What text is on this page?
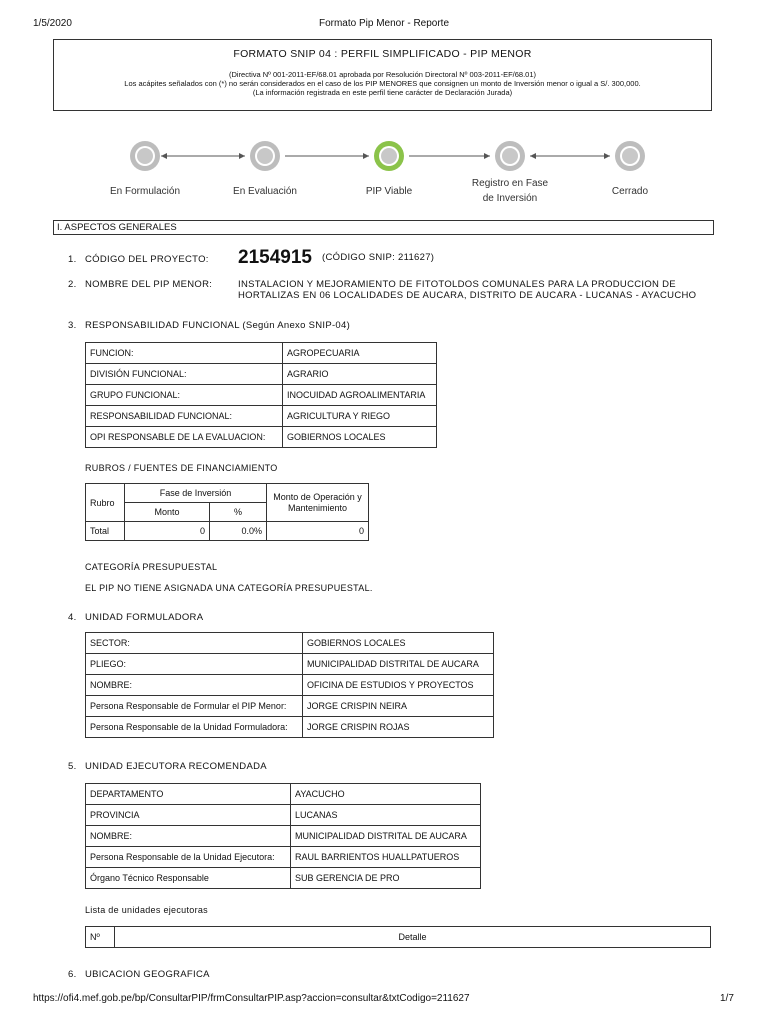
1/5/2020	Formato Pip Menor - Reporte
FORMATO SNIP 04 : PERFIL SIMPLIFICADO - PIP MENOR
(Directiva Nº 001-2011-EF/68.01 aprobada por Resolución Directoral Nº 003-2011-EF/68.01)
Los acápites señalados con (*) no serán considerados en el caso de los PIP MENORES que consignen un monto de Inversión menor o igual a S/. 300,000.
(La información registrada en este perfil tiene carácter de Declaración Jurada)
En Formulación	En Evaluación	PIP Viable
Registro en Fase de Inversión
Cerrado
I. ASPECTOS GENERALES
1. CÓDIGO DEL PROYECTO: 2154915 (CÓDIGO SNIP: 211627)
2. NOMBRE DEL PIP MENOR:	INSTALACION Y MEJORAMIENTO DE FITOTOLDOS COMUNALES PARA LA PRODUCCION DE HORTALIZAS EN 06 LOCALIDADES DE AUCARA, DISTRITO DE AUCARA - LUCANAS - AYACUCHO
3. RESPONSABILIDAD FUNCIONAL (Según Anexo SNIP-04)
FUNCION:	AGROPECUARIA
DIVISIÓN FUNCIONAL:	AGRARIO
GRUPO FUNCIONAL:	INOCUIDAD AGROALIMENTARIA
RESPONSABILIDAD FUNCIONAL:	AGRICULTURA Y RIEGO
OPI RESPONSABLE DE LA EVALUACION:	GOBIERNOS LOCALES
RUBROS / FUENTES DE FINANCIAMIENTO
Rubro	Fase de Inversión		Monto de Operación y Mantenimiento
	Monto	%	
Total	0	0.0%	0
CATEGORÍA PRESUPUESTAL
EL PIP NO TIENE ASIGNADA UNA CATEGORÍA PRESUPUESTAL.
4. UNIDAD FORMULADORA
SECTOR:	GOBIERNOS LOCALES
PLIEGO:	MUNICIPALIDAD DISTRITAL DE AUCARA
NOMBRE:	OFICINA DE ESTUDIOS Y PROYECTOS
Persona Responsable de Formular el PIP Menor:	JORGE CRISPIN NEIRA
Persona Responsable de la Unidad Formuladora:	JORGE CRISPIN ROJAS
5. UNIDAD EJECUTORA RECOMENDADA
DEPARTAMENTO	AYACUCHO
PROVINCIA	LUCANAS
NOMBRE:	MUNICIPALIDAD DISTRITAL DE AUCARA
Persona Responsable de la Unidad Ejecutora:	RAUL BARRIENTOS HUALLPATUEROS
Órgano Técnico Responsable	SUB GERENCIA DE PRO
Lista de unidades ejecutoras
Nº	Detalle
6. UBICACION GEOGRAFICA
https://ofi4.mef.gob.pe/bp/ConsultarPIP/frmConsultarPIP.asp?accion=consultar&txtCodigo=211627	1/7
